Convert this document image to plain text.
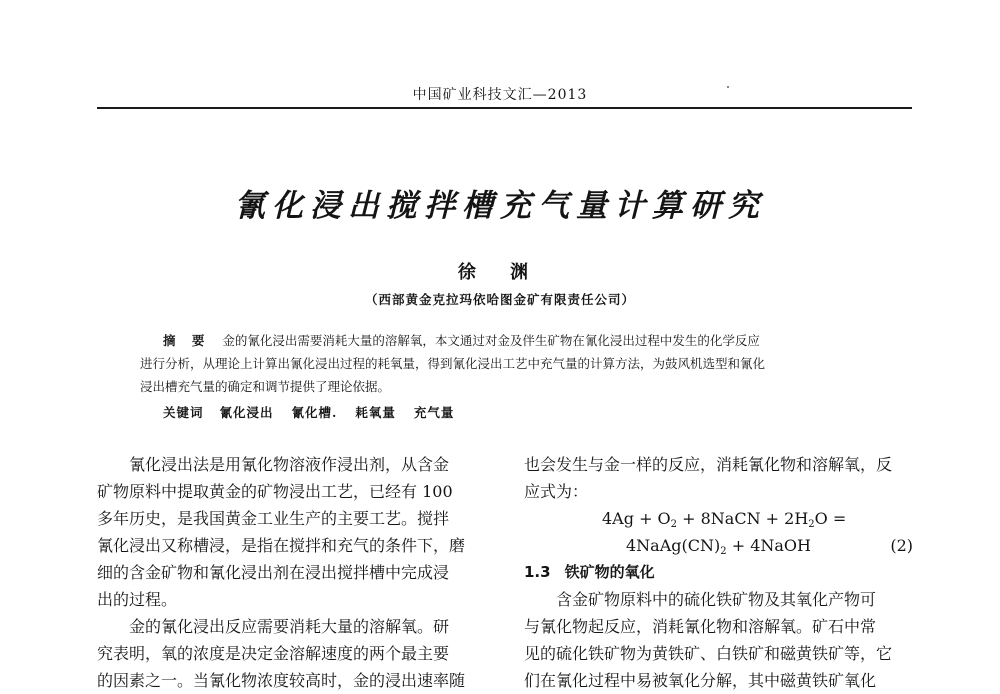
中国矿业科技文汇—2013
氰化浸出搅拌槽充气量计算研究
徐 渊
（西部黄金克拉玛依哈图金矿有限责任公司）
摘 要 金的氰化浸出需要消耗大量的溶解氧，本文通过对金及伴生矿物在氰化浸出过程中发生的化学反应
进行分析，从理论上计算出氰化浸出过程的耗氧量，得到氰化浸出工艺中充气量的计算方法，为鼓风机选型和氰化
浸出槽充气量的确定和调节提供了理论依据。
关键词 氰化浸出 氰化槽. 耗氧量 充气量
氰化浸出法是用氰化物溶液作浸出剂，从含金
矿物原料中提取黄金的矿物浸出工艺，已经有 100
多年历史，是我国黄金工业生产的主要工艺。搅拌
氰化浸出又称槽浸，是指在搅拌和充气的条件下，磨
细的含金矿物和氰化浸出剂在浸出搅拌槽中完成浸
出的过程。
金的氰化浸出反应需要消耗大量的溶解氧。研
究表明，氧的浓度是决定金溶解速度的两个最主要
的因素之一。当氰化物浓度较高时，金的浸出速率随
也会发生与金一样的反应，消耗氰化物和溶解氧，反
应式为：
$4Ag + O_2$ + 8NaCN + $2H_2O$ =
$4NaAg(CN)_2$ + 4NaOH	(2)
1.3 铁矿物的氧化
含金矿物原料中的硫化铁矿物及其氧化产物可
与氰化物起反应，消耗氰化物和溶解氧。矿石中常
见的硫化铁矿物为黄铁矿、白铁矿和磁黄铁矿等，它
们在氰化过程中易被氧化分解，其中磁黄铁矿氧化
